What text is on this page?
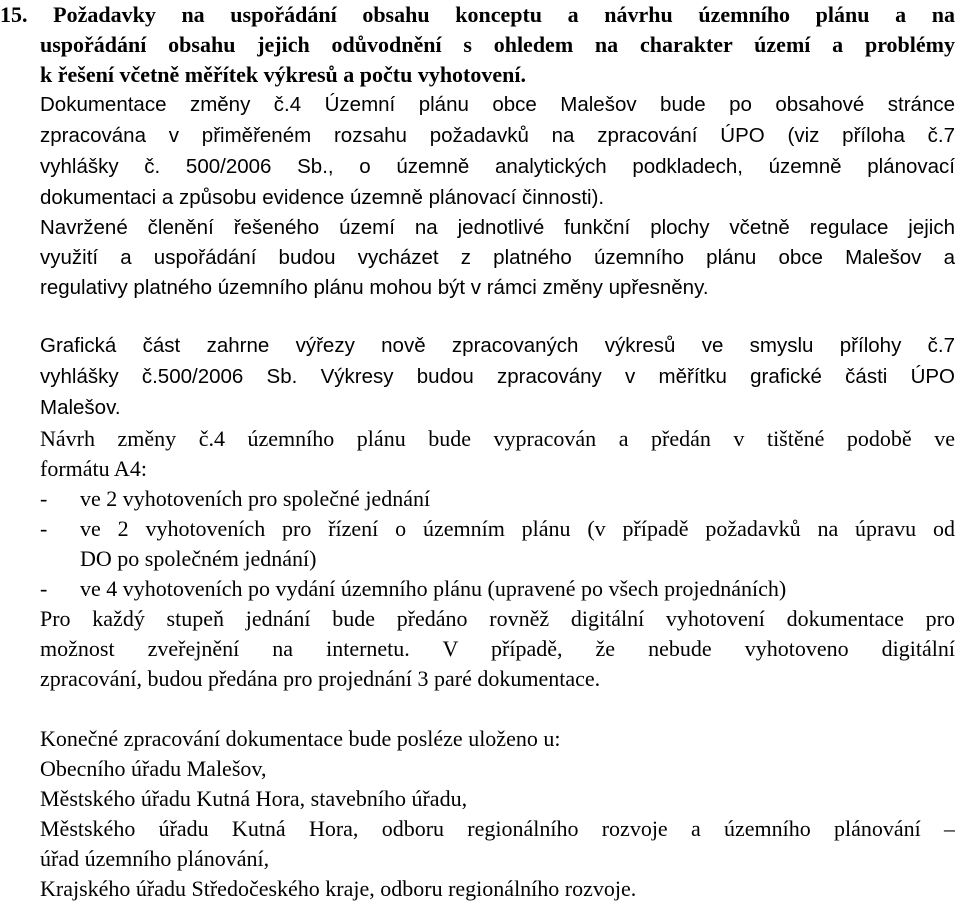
15. Požadavky na uspořádání obsahu konceptu a návrhu územního plánu a na
uspořádání obsahu jejich odůvodnění s ohledem na charakter území a problémy
k řešení včetně měřítek výkresů a počtu vyhotovení.
Dokumentace změny č.4 Územní plánu obce Malešov bude po obsahové stránce
zpracována v přiměřeném rozsahu požadavků na zpracování ÚPO (viz příloha č.7
vyhlášky č. 500/2006 Sb., o územně analytických podkladech, územně plánovací
dokumentaci a způsobu evidence územně plánovací činnosti).
Navržené členění řešeného území na jednotlivé funkční plochy včetně regulace jejich
využití a uspořádání budou vycházet z platného územního plánu obce Malešov a
regulativy platného územního plánu mohou být v rámci změny upřesněny.
Grafická část zahrne výřezy nově zpracovaných výkresů ve smyslu přílohy č.7
vyhlášky č.500/2006 Sb. Výkresy budou zpracovány v měřítku grafické části ÚPO
Malešov.
Návrh změny č.4 územního plánu bude vypracován a předán v tištěné podobě ve
formátu A4:
- ve 2 vyhotoveních pro společné jednání
- ve 2 vyhotoveních pro řízení o územním plánu (v případě požadavků na úpravu od
DO po společném jednání)
- ve 4 vyhotoveních po vydání územního plánu (upravené po všech projednáních)
Pro každý stupeň jednání bude předáno rovněž digitální vyhotovení dokumentace pro
možnost zveřejnění na internetu. V případě, že nebude vyhotoveno digitální
zpracování, budou předána pro projednání 3 paré dokumentace.
Konečné zpracování dokumentace bude posléze uloženo u:
Obecního úřadu Malešov,
Městského úřadu Kutná Hora, stavebního úřadu,
Městského úřadu Kutná Hora, odboru regionálního rozvoje a územního plánování –
úřad územního plánování,
Krajského úřadu Středočeského kraje, odboru regionálního rozvoje.
